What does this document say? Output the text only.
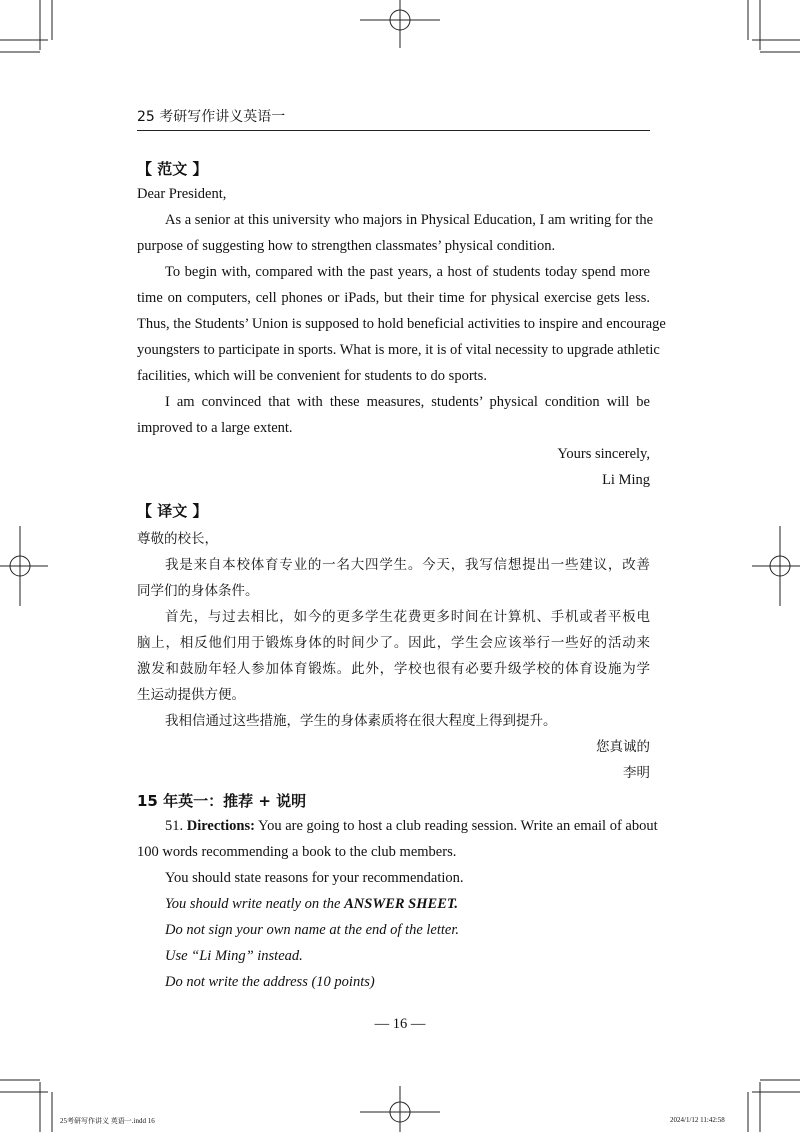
25 考研写作讲义英语一
【 范文 】
Dear President,
As a senior at this university who majors in Physical Education, I am writing for the
purpose of suggesting how to strengthen classmates’ physical condition.
To begin with, compared with the past years, a host of students today spend more
time on computers, cell phones or iPads, but their time for physical exercise gets less.
Thus, the Students’ Union is supposed to hold beneficial activities to inspire and encourage
youngsters to participate in sports. What is more, it is of vital necessity to upgrade athletic
facilities, which will be convenient for students to do sports.
I am convinced that with these measures, students’ physical condition will be
improved to a large extent.
Yours sincerely,
Li Ming
【 译文 】
尊敬的校长，
我是来自本校体育专业的一名大四学生。今天，我写信想提出一些建议，改善
同学们的身体条件。
首先，与过去相比，如今的更多学生花费更多时间在计算机、手机或者平板电
脑上，相反他们用于锻炼身体的时间少了。因此，学生会应该举行一些好的活动来
激发和鼓励年轻人参加体育锻炼。此外，学校也很有必要升级学校的体育设施为学
生运动提供方便。
我相信通过这些措施，学生的身体素质将在很大程度上得到提升。
您真诚的
李明
15 年英一：推荐 + 说明
51. Directions: You are going to host a club reading session. Write an email of about
100 words recommending a book to the club members.
You should state reasons for your recommendation.
You should write neatly on the ANSWER SHEET.
Do not sign your own name at the end of the letter.
Use “Li Ming” instead.
Do not write the address (10 points)
— 16 —
25考研写作讲义 英语一.indd 16	2024/1/12 11:42:58
